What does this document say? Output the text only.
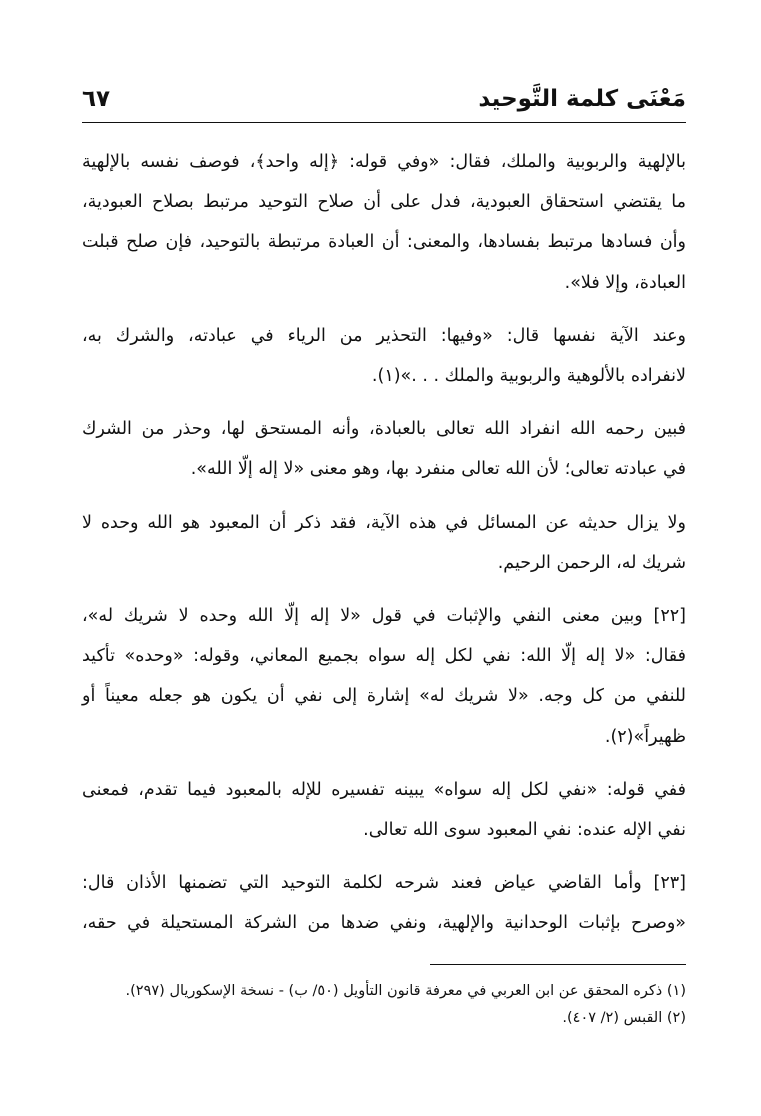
مَعْنَى كلمة التَّوحيد
٦٧
بالإلهية والربوبية والملك، فقال: «وفي قوله: ﴿إله واحد﴾، فوصف نفسه بالإلهية
ما يقتضي استحقاق العبودية، فدل على أن صلاح التوحيد مرتبط بصلاح العبودية،
وأن فسادها مرتبط بفسادها، والمعنى: أن العبادة مرتبطة بالتوحيد، فإن صلح قبلت
العبادة، وإلا فلا».
وعند الآية نفسها قال: «وفيها: التحذير من الرياء في عبادته، والشرك به،
لانفراده بالألوهية والربوبية والملك . . .»(١).
فبين رحمه الله انفراد الله تعالى بالعبادة، وأنه المستحق لها، وحذر من الشرك
في عبادته تعالى؛ لأن الله تعالى منفرد بها، وهو معنى «لا إله إلّا الله».
ولا يزال حديثه عن المسائل في هذه الآية، فقد ذكر أن المعبود هو الله وحده لا
شريك له، الرحمن الرحيم.
[٢٢] وبين معنى النفي والإثبات في قول «لا إله إلّا الله وحده لا شريك له»،
فقال: «لا إله إلّا الله: نفي لكل إله سواه بجميع المعاني، وقوله: «وحده» تأكيد
للنفي من كل وجه. «لا شريك له» إشارة إلى نفي أن يكون هو جعله معيناً أو
ظهيراً»(٢).
ففي قوله: «نفي لكل إله سواه» يبينه تفسيره للإله بالمعبود فيما تقدم، فمعنى
نفي الإله عنده: نفي المعبود سوى الله تعالى.
[٢٣] وأما القاضي عياض فعند شرحه لكلمة التوحيد التي تضمنها الأذان قال:
«وصرح بإثبات الوحدانية والإلهية، ونفي ضدها من الشركة المستحيلة في حقه،
(١) ذكره المحقق عن ابن العربي في معرفة قانون التأويل (٥٠/ ب) - نسخة الإسكوريال (٢٩٧).
(٢) القبس (٢/ ٤٠٧).
